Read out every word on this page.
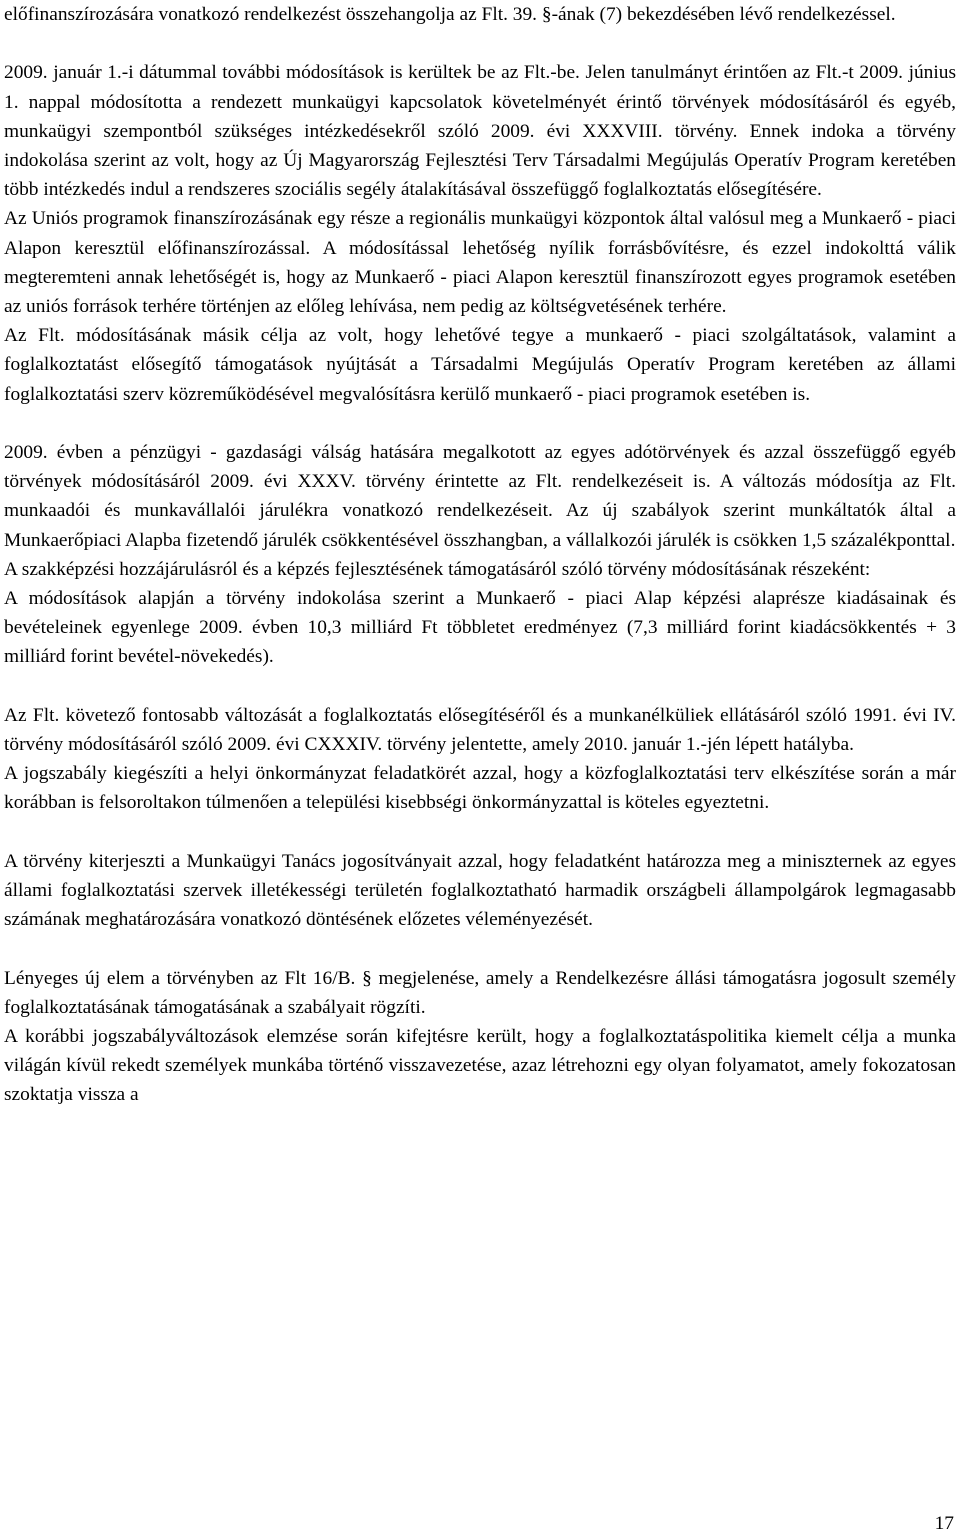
előfinanszírozására vonatkozó rendelkezést összehangolja az Flt. 39. §-ának (7) bekezdésében lévő rendelkezéssel.

2009. január 1.-i dátummal további módosítások is kerültek be az Flt.-be. Jelen tanulmányt érintően az Flt.-t 2009. június 1. nappal módosította a rendezett munkaügyi kapcsolatok követelményét érintő törvények módosításáról és egyéb, munkaügyi szempontból szükséges intézkedésekről szóló 2009. évi XXXVIII. törvény. Ennek indoka a törvény indokolása szerint az volt, hogy az Új Magyarország Fejlesztési Terv Társadalmi Megújulás Operatív Program keretében több intézkedés indul a rendszeres szociális segély átalakításával összefüggő foglalkoztatás elősegítésére.

Az Uniós programok finanszírozásának egy része a regionális munkaügyi központok által valósul meg a Munkaerő - piaci Alapon keresztül előfinanszírozással. A módosítással lehetőség nyílik forrásbővítésre, és ezzel indokolttá válik megteremteni annak lehetőségét is, hogy az Munkaerő - piaci Alapon keresztül finanszírozott egyes programok esetében az uniós források terhére történjen az előleg lehívása, nem pedig az költségvetésének terhére.

Az Flt. módosításának másik célja az volt, hogy lehetővé tegye a munkaerő - piaci szolgáltatások, valamint a foglalkoztatást elősegítő támogatások nyújtását a Társadalmi Megújulás Operatív Program keretében az állami foglalkoztatási szerv közreműködésével megvalósításra kerülő munkaerő - piaci programok esetében is.

2009. évben a pénzügyi - gazdasági válság hatására megalkotott az egyes adótörvények és azzal összefüggő egyéb törvények módosításáról 2009. évi XXXV. törvény érintette az Flt. rendelkezéseit is. A változás módosítja az Flt. munkaadói és munkavállalói járulékra vonatkozó rendelkezéseit. Az új szabályok szerint munkáltatók által a Munkaerőpiaci Alapba fizetendő járulék csökkentésével összhangban, a vállalkozói járulék is csökken 1,5 százalékponttal.

A szakképzési hozzájárulásról és a képzés fejlesztésének támogatásáról szóló törvény módosításának részeként:

A módosítások alapján a törvény indokolása szerint a Munkaerő - piaci Alap képzési alaprésze kiadásainak és bevételeinek egyenlege 2009. évben 10,3 milliárd Ft többletet eredményez (7,3 milliárd forint kiadácsökkentés + 3 milliárd forint bevétel-növekedés).

Az Flt. követező fontosabb változását a foglalkoztatás elősegítéséről és a munkanélküliek ellátásáról szóló 1991. évi IV. törvény módosításáról szóló 2009. évi CXXXIV. törvény jelentette, amely 2010. január 1.-jén lépett hatályba.

A jogszabály kiegészíti a helyi önkormányzat feladatkörét azzal, hogy a közfoglalkoztatási terv elkészítése során a már korábban is felsoroltakon túlmenően a települési kisebbségi önkormányzattal is köteles egyeztetni.

A törvény kiterjeszti a Munkaügyi Tanács jogosítványait azzal, hogy feladatként határozza meg a miniszternek az egyes állami foglalkoztatási szervek illetékességi területén foglalkoztatható harmadik országbeli állampolgárok legmagasabb számának meghatározására vonatkozó döntésének előzetes véleményezését.

Lényeges új elem a törvényben az Flt 16/B. § megjelenése, amely a Rendelkezésre állási támogatásra jogosult személy foglalkoztatásának támogatásának a szabályait rögzíti.

A korábbi jogszabályváltozások elemzése során kifejtésre került, hogy a foglalkoztatáspolitika kiemelt célja a munka világán kívül rekedt személyek munkába történő visszavezetése, azaz létrehozni egy olyan folyamatot, amely fokozatosan szoktatja vissza a

17
